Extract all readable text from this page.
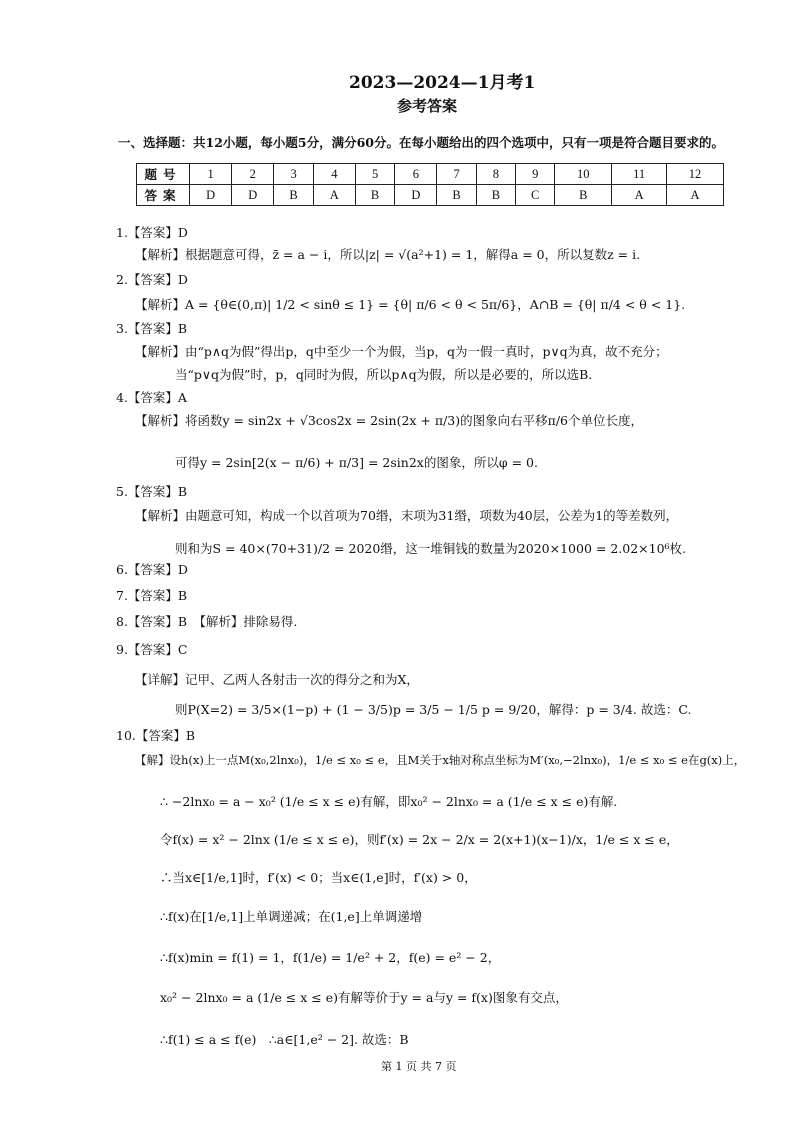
2023—2024—1月考1
参考答案
一、选择题：共12小题，每小题5分，满分60分。在每小题给出的四个选项中，只有一项是符合题目要求的。
题号	1	2	3	4	5	6	7	8	9	10	11	12
答案	D	D	B	A	B	D	B	B	C	B	A	A
1.【答案】D
【解析】根据题意可得，z̄ = a − i，所以|z| = √(a²+1) = 1，解得a = 0，所以复数z = i.
2.【答案】D
【解析】A = {θ∈(0,π)| 1/2 < sinθ ≤ 1} = {θ| π/6 < θ < 5π/6}，A∩B = {θ| π/4 < θ < 1}.
3.【答案】B
【解析】由“p∧q为假”得出p，q中至少一个为假，当p，q为一假一真时，p∨q为真，故不充分；
当“p∨q为假”时，p，q同时为假，所以p∧q为假，所以是必要的，所以选B.
4.【答案】A
【解析】将函数y = sin2x + √3cos2x = 2sin(2x + π/3)的图象向右平移π/6个单位长度，
可得y = 2sin[2(x − π/6) + π/3] = 2sin2x的图象，所以φ = 0.
5.【答案】B
【解析】由题意可知，构成一个以首项为70缗，末项为31缗，项数为40层，公差为1的等差数列，
则和为S = 40×(70+31)/2 = 2020缗，这一堆铜钱的数量为2020×1000 = 2.02×10⁶枚.
6.【答案】D
7.【答案】B
8.【答案】B　【解析】排除易得.
9.【答案】C
【详解】记甲、乙两人各射击一次的得分之和为X，
则P(X=2) = 3/5×(1−p) + (1 − 3/5)p = 3/5 − 1/5 p = 9/20，解得：p = 3/4. 故选：C.
10.【答案】B
【解】设h(x)上一点M(x₀,2lnx₀)，1/e ≤ x₀ ≤ e，且M关于x轴对称点坐标为M′(x₀,−2lnx₀)，1/e ≤ x₀ ≤ e在g(x)上，
∴ −2lnx₀ = a − x₀² (1/e ≤ x ≤ e)有解，即x₀² − 2lnx₀ = a (1/e ≤ x ≤ e)有解.
令f(x) = x² − 2lnx (1/e ≤ x ≤ e)，则f′(x) = 2x − 2/x = 2(x+1)(x−1)/x，1/e ≤ x ≤ e，
∴当x∈[1/e,1]时，f′(x) < 0；当x∈(1,e]时，f′(x) > 0，
∴f(x)在[1/e,1]上单调递减；在(1,e]上单调递增
∴f(x)min = f(1) = 1，f(1/e) = 1/e² + 2，f(e) = e² − 2，
x₀² − 2lnx₀ = a (1/e ≤ x ≤ e)有解等价于y = a与y = f(x)图象有交点，
∴f(1) ≤ a ≤ f(e)　∴a∈[1,e² − 2]. 故选：B
第 1 页 共 7 页
